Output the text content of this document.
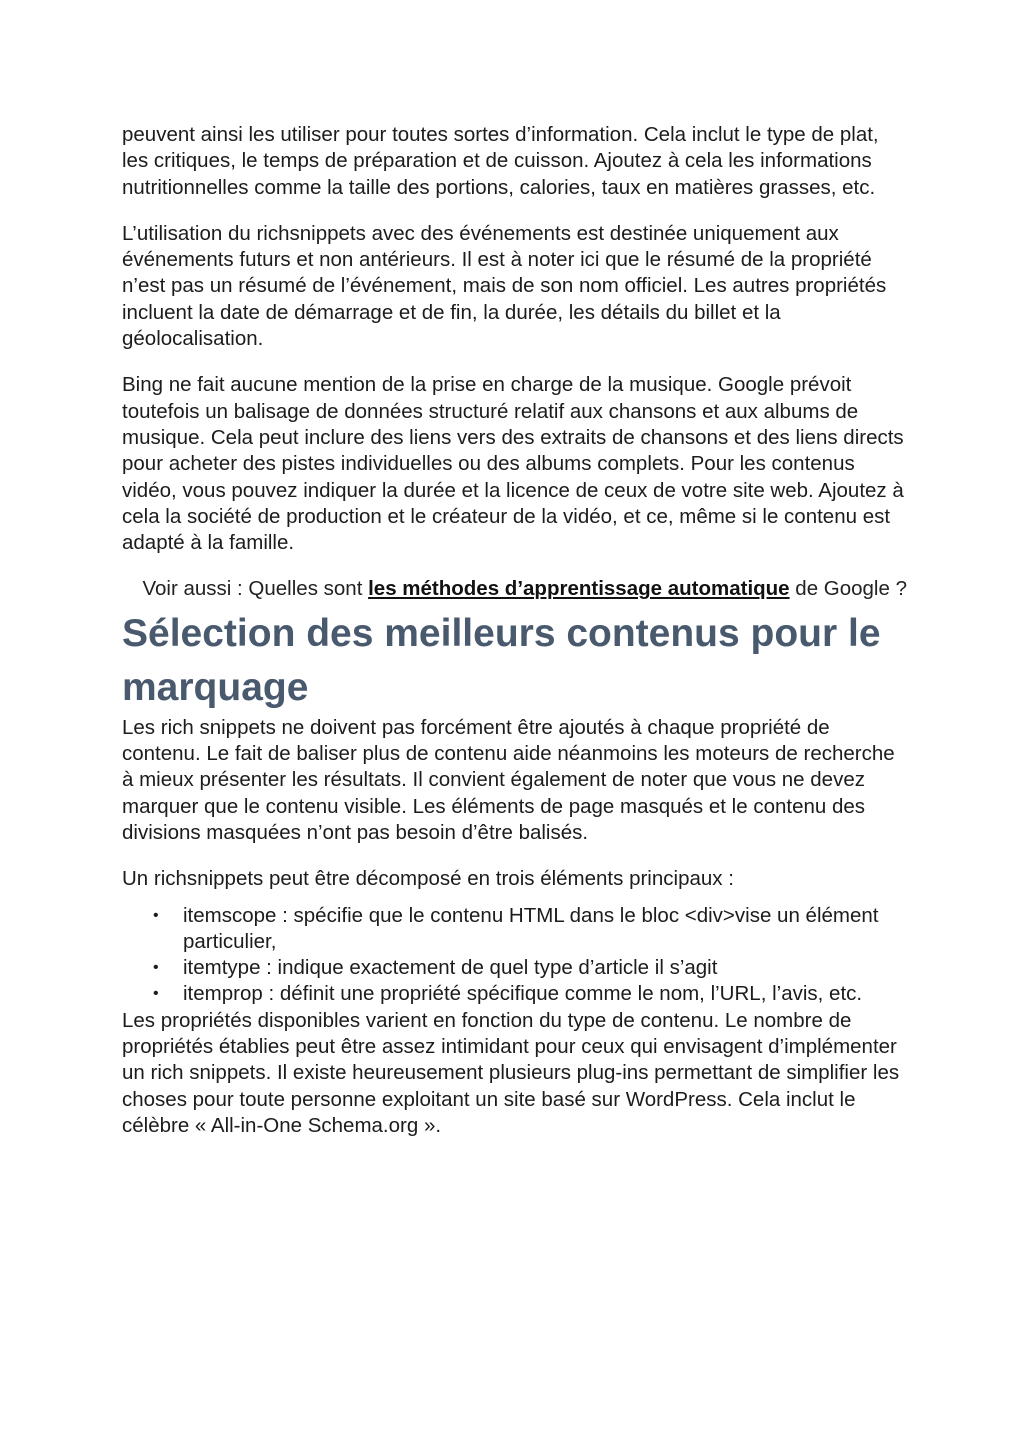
peuvent ainsi les utiliser pour toutes sortes d’information. Cela inclut le type de plat, les critiques, le temps de préparation et de cuisson. Ajoutez à cela les informations nutritionnelles comme la taille des portions, calories, taux en matières grasses, etc.

L’utilisation du richsnippets avec des événements est destinée uniquement aux événements futurs et non antérieurs. Il est à noter ici que le résumé de la propriété n’est pas un résumé de l’événement, mais de son nom officiel. Les autres propriétés incluent la date de démarrage et de fin, la durée, les détails du billet et la géolocalisation.

Bing ne fait aucune mention de la prise en charge de la musique. Google prévoit toutefois un balisage de données structuré relatif aux chansons et aux albums de musique. Cela peut inclure des liens vers des extraits de chansons et des liens directs pour acheter des pistes individuelles ou des albums complets. Pour les contenus vidéo, vous pouvez indiquer la durée et la licence de ceux de votre site web. Ajoutez à cela la société de production et le créateur de la vidéo, et ce, même si le contenu est adapté à la famille.

Voir aussi : Quelles sont les méthodes d’apprentissage automatique de Google ?

Sélection des meilleurs contenus pour le marquage

Les rich snippets ne doivent pas forcément être ajoutés à chaque propriété de contenu. Le fait de baliser plus de contenu aide néanmoins les moteurs de recherche à mieux présenter les résultats. Il convient également de noter que vous ne devez marquer que le contenu visible. Les éléments de page masqués et le contenu des divisions masquées n’ont pas besoin d’être balisés.

Un richsnippets peut être décomposé en trois éléments principaux :

• itemscope : spécifie que le contenu HTML dans le bloc <div>vise un élément particulier,
• itemtype : indique exactement de quel type d’article il s’agit
• itemprop : définit une propriété spécifique comme le nom, l’URL, l’avis, etc.

Les propriétés disponibles varient en fonction du type de contenu. Le nombre de propriétés établies peut être assez intimidant pour ceux qui envisagent d’implémenter un rich snippets. Il existe heureusement plusieurs plug-ins permettant de simplifier les choses pour toute personne exploitant un site basé sur WordPress. Cela inclut le célèbre « All-in-One Schema.org ».
